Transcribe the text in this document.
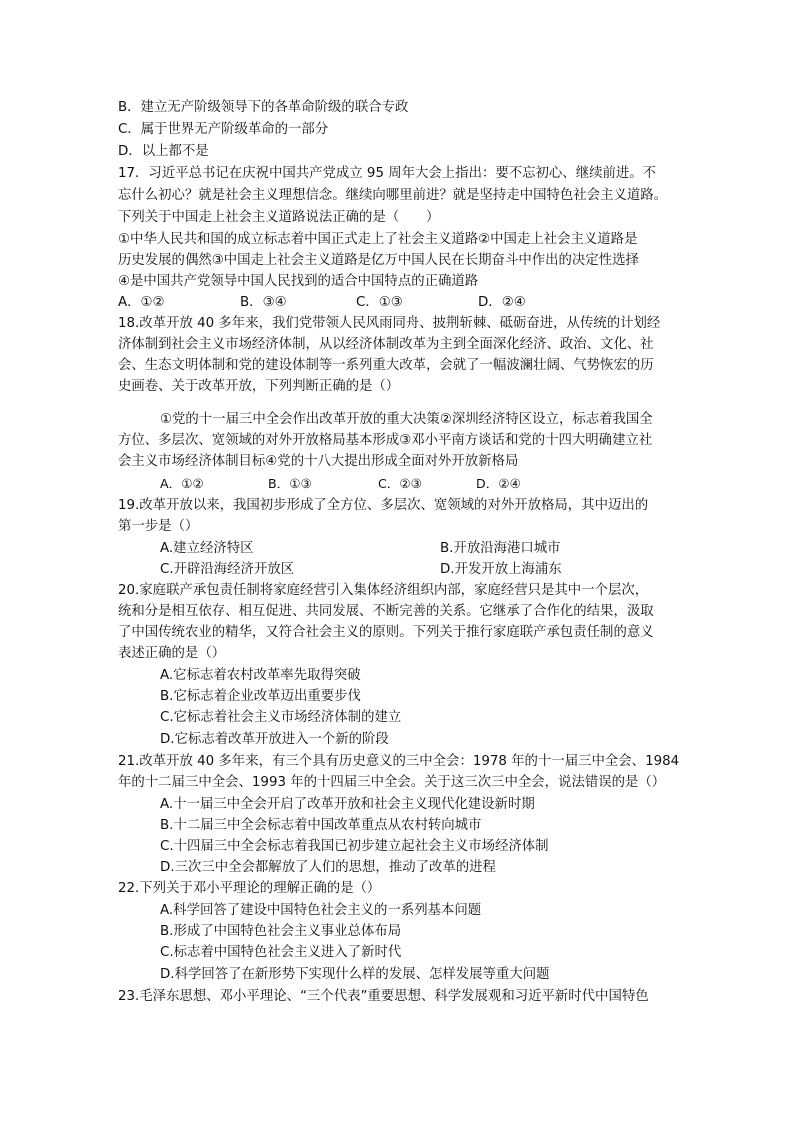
B．建立无产阶级领导下的各革命阶级的联合专政
C．属于世界无产阶级革命的一部分
D．以上都不是
17．习近平总书记在庆祝中国共产党成立 95 周年大会上指出：要不忘初心、继续前进。不
忘什么初心？就是社会主义理想信念。继续向哪里前进？就是坚持走中国特色社会主义道路。
下列关于中国走上社会主义道路说法正确的是（　　）
①中华人民共和国的成立标志着中国正式走上了社会主义道路②中国走上社会主义道路是
历史发展的偶然③中国走上社会主义道路是亿万中国人民在长期奋斗中作出的决定性选择
④是中国共产党领导中国人民找到的适合中国特点的正确道路
A．①②	B．③④	C．①③	D．②④
18.改革开放 40 多年来，我们党带领人民风雨同舟、披荆斩棘、砥砺奋进，从传统的计划经
济体制到社会主义市场经济体制，从以经济体制改革为主到全面深化经济、政治、文化、社
会、生态文明体制和党的建设体制等一系列重大改革，会就了一幅波澜壮阔、气势恢宏的历
史画卷、关于改革开放，下列判断正确的是（）
①党的十一届三中全会作出改革开放的重大决策②深圳经济特区设立，标志着我国全
方位、多层次、宽领域的对外开放格局基本形成③邓小平南方谈话和党的十四大明确建立社
会主义市场经济体制目标④党的十八大提出形成全面对外开放新格局
A．①②	B．①③	C．②③	D．②④
19.改革开放以来，我国初步形成了全方位、多层次、宽领域的对外开放格局，其中迈出的
第一步是（）
A.建立经济特区	B.开放沿海港口城市
C.开辟沿海经济开放区	D.开发开放上海浦东
20.家庭联产承包责任制将家庭经营引入集体经济组织内部，家庭经营只是其中一个层次，
统和分是相互依存、相互促进、共同发展、不断完善的关系。它继承了合作化的结果，汲取
了中国传统农业的精华，又符合社会主义的原则。下列关于推行家庭联产承包责任制的意义
表述正确的是（）
A.它标志着农村改革率先取得突破
B.它标志着企业改革迈出重要步伐
C.它标志着社会主义市场经济体制的建立
D.它标志着改革开放进入一个新的阶段
21.改革开放 40 多年来，有三个具有历史意义的三中全会：1978 年的十一届三中全会、1984
年的十二届三中全会、1993 年的十四届三中全会。关于这三次三中全会，说法错误的是（）
A.十一届三中全会开启了改革开放和社会主义现代化建设新时期
B.十二届三中全会标志着中国改革重点从农村转向城市
C.十四届三中全会标志着我国已初步建立起社会主义市场经济体制
D.三次三中全会都解放了人们的思想，推动了改革的进程
22.下列关于邓小平理论的理解正确的是（）
A.科学回答了建设中国特色社会主义的一系列基本问题
B.形成了中国特色社会主义事业总体布局
C.标志着中国特色社会主义进入了新时代
D.科学回答了在新形势下实现什么样的发展、怎样发展等重大问题
23.毛泽东思想、邓小平理论、“三个代表”重要思想、科学发展观和习近平新时代中国特色
